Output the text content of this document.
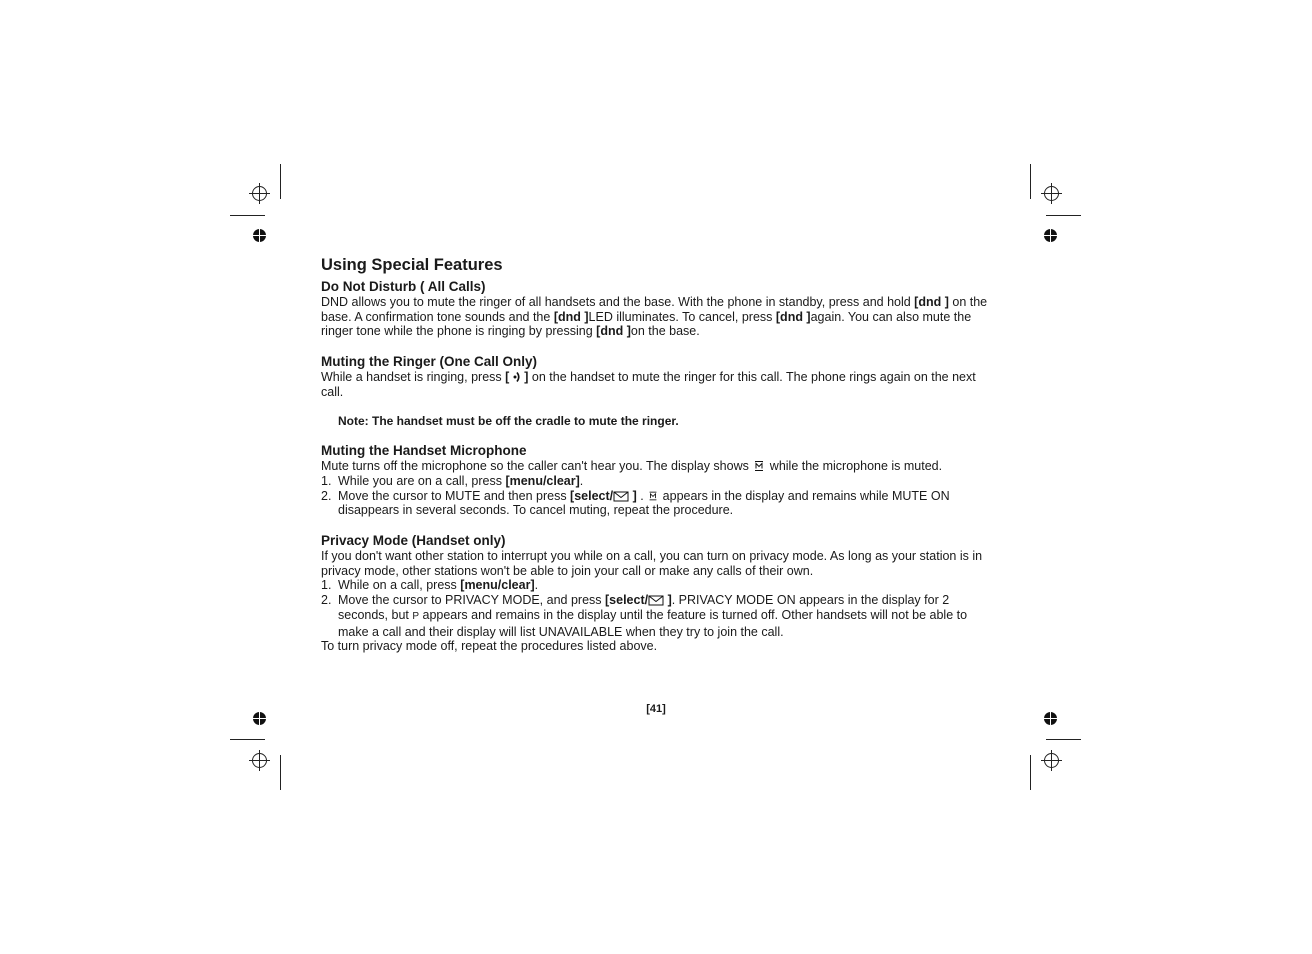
Using Special Features
Do Not Disturb ( All Calls)

DND allows you to mute the ringer of all handsets and the base. With the phone in standby, press and hold [dnd ] on the base. A confirmation tone sounds and the [dnd ]LED illuminates. To cancel, press [dnd ]again. You can also mute the ringer tone while the phone is ringing by pressing [dnd ]on the base.

Muting the Ringer (One Call Only)

While a handset is ringing, press [ ] on the handset to mute the ringer for this call. The phone rings again on the next call.

Note: The handset must be off the cradle to mute the ringer.

Muting the Handset Microphone

Mute turns off the microphone so the caller can't hear you. The display shows  while the microphone is muted.

1. While you are on a call, press [menu/clear].
2. Move the cursor to MUTE and then press [select/ ] .  appears in the display and remains while MUTE ON disappears in several seconds. To cancel muting, repeat the procedure.
Privacy Mode (Handset only)

If you don't want other station to interrupt you while on a call, you can turn on privacy mode. As long as your station is in privacy mode, other stations won't be able to join your call or make any calls of their own.

1. While on a call, press [menu/clear].
2. Move the cursor to PRIVACY MODE, and press [select/ ]. PRIVACY MODE ON appears in the display for 2 seconds, but P appears and remains in the display until the feature is turned off. Other handsets will not be able to make a call and their display will list UNAVAILABLE when they try to join the call.

To turn privacy mode off, repeat the procedures listed above.

[41]
